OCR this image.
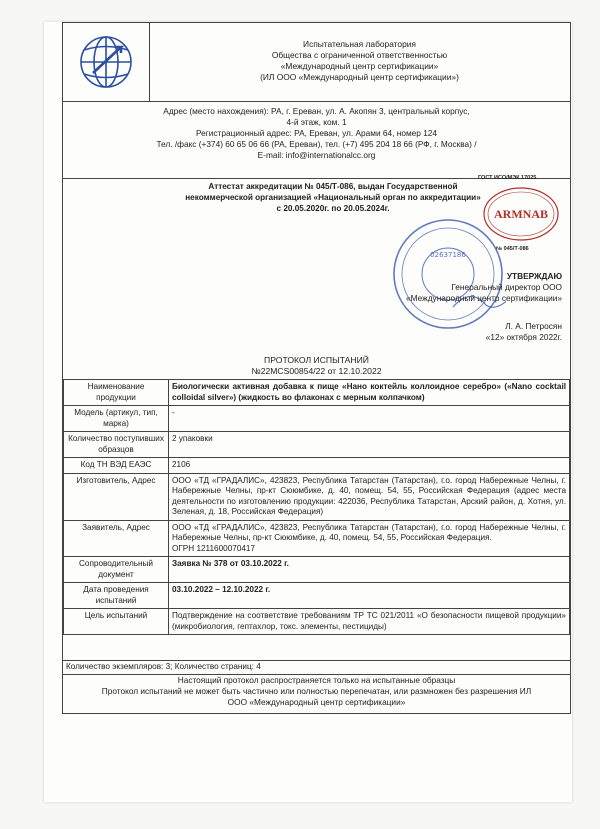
Испытательная лаборатория
Общества с ограниченной ответственностью
«Международный центр сертификации»
(ИЛ ООО «Международный центр сертификации»)
Адрес (место нахождения): РА, г. Ереван, ул. А. Акопян 3, центральный корпус,
4-й этаж, ком. 1
Регистрационный адрес: РА, Ереван, ул. Арами 64, номер 124
Тел. /факс (+374) 60 65 06 66 (РА, Ереван), тел. (+7) 495 204 18 66 (РФ, г. Москва) /
E-mail: info@internationalcc.org
Аттестат аккредитации № 045/Т-086, выдан Государственной
некоммерческой организацией «Национальный орган по аккредитации»
с 20.05.2020г. по 20.05.2024г.
ГОСТ ИСО/МЭК 17025
ARMNAB
№ 045/Т-086
02637186
УТВЕРЖДАЮ
Генеральный директор ООО
«Международный центр сертификации»
Л. А. Петросян
«12» октября 2022г.
ПРОТОКОЛ ИСПЫТАНИЙ
№22MCS00854/22 от 12.10.2022
Наименование продукции	Биологически активная добавка к пище «Нано коктейль коллоидное серебро» («Nano cocktail colloidal silver») (жидкость во флаконах с мерным колпачком)
Модель (артикул, тип, марка)	-
Количество поступивших образцов	2 упаковки
Код ТН ВЭД ЕАЭС	2106
Изготовитель, Адрес	ООО «ТД «ГРАДАЛИС», 423823, Республика Татарстан (Татарстан), г.о. город Набережные Челны, г. Набережные Челны, пр-кт Сююмбике, д. 40, помещ. 54, 55, Российская Федерация (адрес места деятельности по изготовлению продукции: 422036, Республика Татарстан, Арский район, д. Хотня, ул. Зеленая, д. 18, Российская Федерация)
Заявитель, Адрес	ООО «ТД «ГРАДАЛИС», 423823, Республика Татарстан (Татарстан), г.о. город Набережные Челны, г. Набережные Челны, пр-кт Сююмбике, д. 40, помещ. 54, 55, Российская Федерация.
ОГРН 1211600070417

Сопроводительный документ	Заявка № 378 от 03.10.2022 г.
Дата проведения испытаний	03.10.2022 – 12.10.2022 г.
Цель испытаний	Подтверждение на соответствие требованиям ТР ТС 021/2011 «О безопасности пищевой продукции» (микробиология, гептахлор, токс. элементы, пестициды)
Количество экземпляров: 3; Количество страниц: 4
Настоящий протокол распространяется только на испытанные образцы
Протокол испытаний не может быть частично или полностью перепечатан, или размножен без разрешения ИЛ
ООО «Международный центр сертификации»
